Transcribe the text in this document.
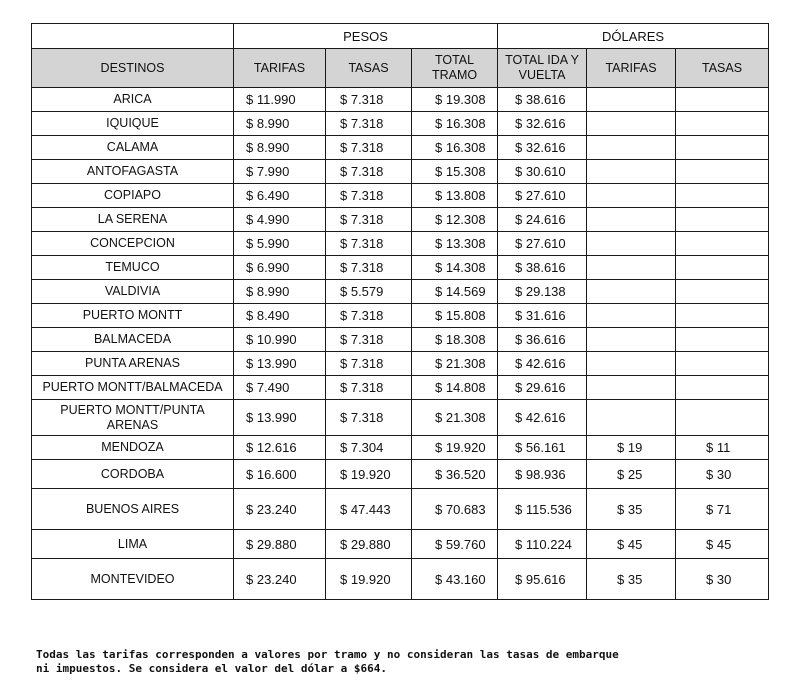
	PESOS			DÓLARES		
DESTINOS	TARIFAS	TASAS	TOTAL TRAMO	TOTAL IDA Y VUELTA	TARIFAS	TASAS
ARICA	$ 11.990	$ 7.318	$ 19.308	$ 38.616		
IQUIQUE	$ 8.990	$ 7.318	$ 16.308	$ 32.616		
CALAMA	$ 8.990	$ 7.318	$ 16.308	$ 32.616		
ANTOFAGASTA	$ 7.990	$ 7.318	$ 15.308	$ 30.610		
COPIAPO	$ 6.490	$ 7.318	$ 13.808	$ 27.610		
LA SERENA	$ 4.990	$ 7.318	$ 12.308	$ 24.616		
CONCEPCION	$ 5.990	$ 7.318	$ 13.308	$ 27.610		
TEMUCO	$ 6.990	$ 7.318	$ 14.308	$ 38.616		
VALDIVIA	$ 8.990	$ 5.579	$ 14.569	$ 29.138		
PUERTO MONTT	$ 8.490	$ 7.318	$ 15.808	$ 31.616		
BALMACEDA	$ 10.990	$ 7.318	$ 18.308	$ 36.616		
PUNTA ARENAS	$ 13.990	$ 7.318	$ 21.308	$ 42.616		
PUERTO MONTT/BALMACEDA	$ 7.490	$ 7.318	$ 14.808	$ 29.616		
PUERTO MONTT/PUNTA ARENAS	$ 13.990	$ 7.318	$ 21.308	$ 42.616		
MENDOZA	$ 12.616	$ 7.304	$ 19.920	$ 56.161	$ 19	$ 11
CORDOBA	$ 16.600	$ 19.920	$ 36.520	$ 98.936	$ 25	$ 30
BUENOS AIRES	$ 23.240	$ 47.443	$ 70.683	$ 115.536	$ 35	$ 71
LIMA	$ 29.880	$ 29.880	$ 59.760	$ 110.224	$ 45	$ 45
MONTEVIDEO	$ 23.240	$ 19.920	$ 43.160	$ 95.616	$ 35	$ 30

Todas las tarifas corresponden a valores por tramo y no consideran las tasas de embarque ni impuestos. Se considera el valor del dólar a $664.
